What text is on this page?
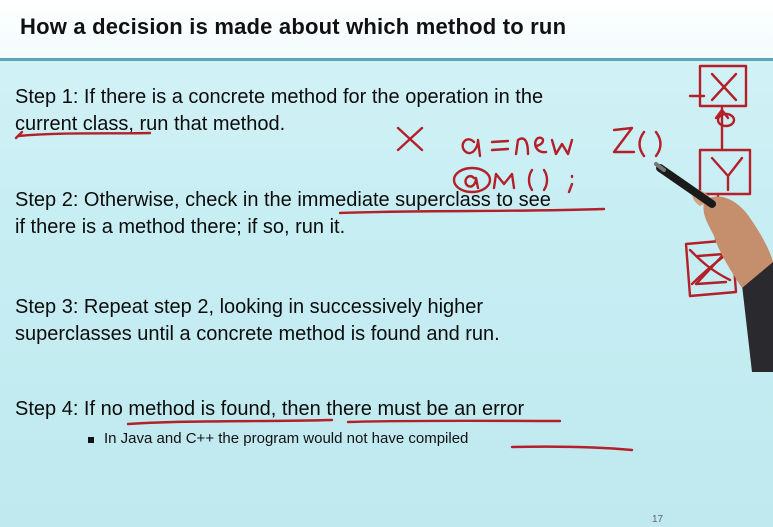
How a decision is made about which method to run
Step 1: If there is a concrete method for the operation in the
current class, run that method.
Step 2: Otherwise, check in the immediate superclass to see
if there is a method there; if so, run it.
Step 3: Repeat step 2, looking in successively higher
superclasses until a concrete method is found and run.
Step 4: If no method is found, then there must be an error
In Java and C++ the program would not have compiled
17
